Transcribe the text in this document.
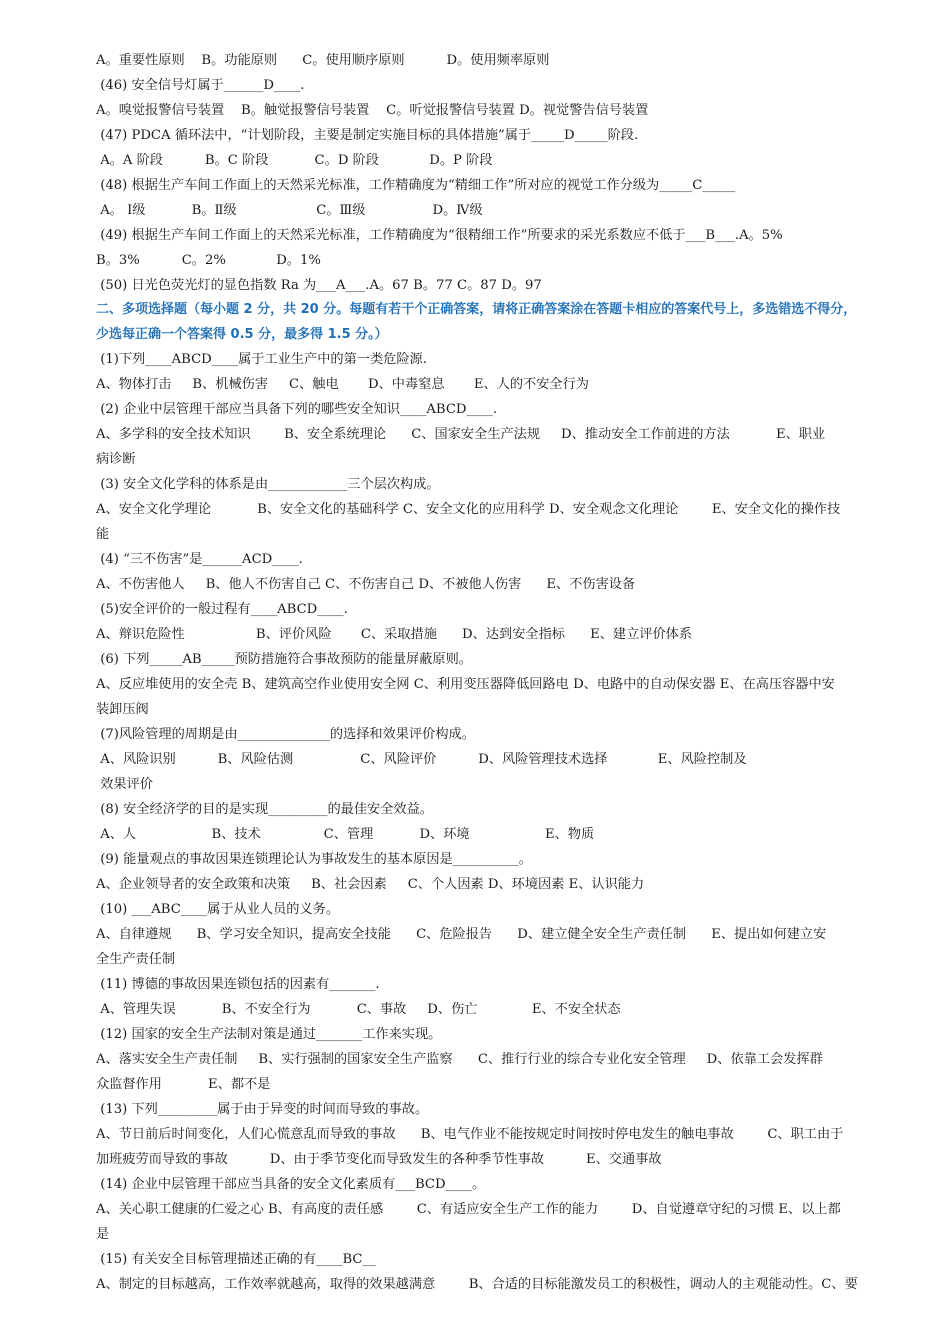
A。重要性原则    B。功能原则      C。使用顺序原则          D。使用频率原则
(46) 安全信号灯属于______D____.
A。嗅觉报警信号装置    B。触觉报警信号装置    C。听觉报警信号装置 D。视觉警告信号装置
(47) PDCA 循环法中，“计划阶段，主要是制定实施目标的具体措施”属于_____D_____阶段.
A。A 阶段          B。C 阶段           C。D 阶段            D。P 阶段
(48) 根据生产车间工作面上的天然采光标准，工作精确度为“精细工作”所对应的视觉工作分级为_____C_____
A。 Ⅰ级           B。Ⅱ级                   C。Ⅲ级                D。Ⅳ级
(49) 根据生产车间工作面上的天然采光标准，工作精确度为“很精细工作”所要求的采光系数应不低于___B___.A。5%
B。3%          C。2%            D。1%
(50) 日光色荧光灯的显色指数 Ra 为___A___.A。67 B。77 C。87 D。97
二、多项选择题（每小题 2 分，共 20 分。每题有若干个正确答案，请将正确答案涂在答题卡相应的答案代号上，多选错选不得分，
少选每正确一个答案得 0.5 分，最多得 1.5 分。）
(1)下列____ABCD____属于工业生产中的第一类危险源.
A、物体打击     B、机械伤害     C、触电       D、中毒窒息       E、人的不安全行为
(2) 企业中层管理干部应当具备下列的哪些安全知识____ABCD____.
A、多学科的安全技术知识        B、安全系统理论      C、国家安全生产法规     D、推动安全工作前进的方法           E、职业
病诊断
(3) 安全文化学科的体系是由____________三个层次构成。
A、安全文化学理论           B、安全文化的基础科学 C、安全文化的应用科学 D、安全观念文化理论        E、安全文化的操作技
能
(4) “三不伤害”是______ACD____.
A、不伤害他人     B、他人不伤害自己 C、不伤害自己 D、不被他人伤害      E、不伤害设备
(5)安全评价的一般过程有____ABCD____.
A、辩识危险性                 B、评价风险       C、采取措施      D、达到安全指标      E、建立评价体系
(6) 下列_____AB_____预防措施符合事故预防的能量屏蔽原则。
A、反应堆使用的安全壳 B、建筑高空作业使用安全网 C、利用变压器降低回路电 D、电路中的自动保安器 E、在高压容器中安
装卸压阀
(7)风险管理的周期是由______________的选择和效果评价构成。
A、风险识别          B、风险估测                C、风险评价          D、风险管理技术选择            E、风险控制及
效果评价
(8) 安全经济学的目的是实现_________的最佳安全效益。
A、人                  B、技术               C、管理           D、环境                  E、物质
(9) 能量观点的事故因果连锁理论认为事故发生的基本原因是__________。
A、企业领导者的安全政策和决策     B、社会因素     C、个人因素 D、环境因素 E、认识能力
(10) ___ABC____属于从业人员的义务。
A、自律遵规      B、学习安全知识，提高安全技能      C、危险报告      D、建立健全安全生产责任制      E、提出如何建立安
全生产责任制
(11) 博德的事故因果连锁包括的因素有_______.
A、管理失误           B、不安全行为           C、事故     D、伤亡             E、不安全状态
(12) 国家的安全生产法制对策是通过_______工作来实现。
A、落实安全生产责任制     B、实行强制的国家安全生产监察      C、推行行业的综合专业化安全管理     D、依靠工会发挥群
众监督作用           E、都不是
(13) 下列_________属于由于异变的时间而导致的事故。
A、节日前后时间变化，人们心慌意乱而导致的事故      B、电气作业不能按规定时间按时停电发生的触电事故        C、职工由于
加班疲劳而导致的事故          D、由于季节变化而导致发生的各种季节性事故          E、交通事故
(14) 企业中层管理干部应当具备的安全文化素质有___BCD____。
A、关心职工健康的仁爱之心 B、有高度的责任感        C、有适应安全生产工作的能力        D、自觉遵章守纪的习惯 E、以上都
是
(15) 有关安全目标管理描述正确的有____BC__
A、制定的目标越高，工作效率就越高，取得的效果越满意        B、合适的目标能激发员工的积极性，调动人的主观能动性。C、要
